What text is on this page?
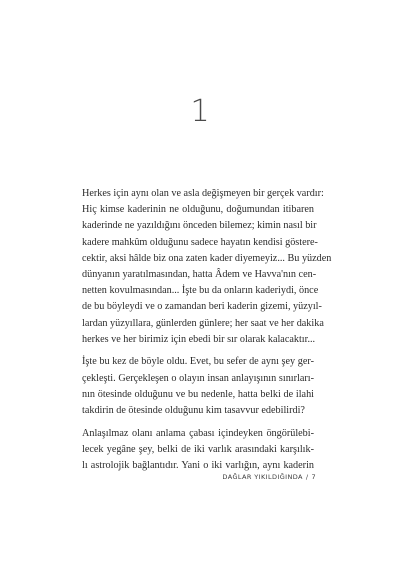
1
Herkes için aynı olan ve asla değişmeyen bir gerçek vardır:
Hiç kimse kaderinin ne olduğunu, doğumundan itibaren
kaderinde ne yazıldığını önceden bilemez; kimin nasıl bir
kadere mahkûm olduğunu sadece hayatın kendisi gösterе-
cektir, aksi hâlde biz ona zaten kader diyemeyiz... Bu yüzden
dünyanın yaratılmasından, hatta Âdem ve Havva'nın cen-
netten kovulmasından... İşte bu da onların kaderiydi, önce
de bu böyleydi ve o zamandan beri kaderin gizemi, yüzyıl-
lardan yüzyıllara, günlerden günlere; her saat ve her dakika
herkes ve her birimiz için ebedi bir sır olarak kalacaktır...
İşte bu kez de böyle oldu. Evet, bu sefer de aynı şey ger-
çekleşti. Gerçekleşen o olayın insan anlayışının sınırları-
nın ötesinde olduğunu ve bu nedenle, hatta belki de ilahi
takdirin de ötesinde olduğunu kim tasavvur edebilirdi?
Anlaşılmaz olanı anlama çabası içindeyken öngörülebi-
lecek yegâne şey, belki de iki varlık arasındaki karşılık-
lı astrolojik bağlantıdır. Yani o iki varlığın, aynı kaderin
DAĞLAR YIKILDIĞINDA / 7
